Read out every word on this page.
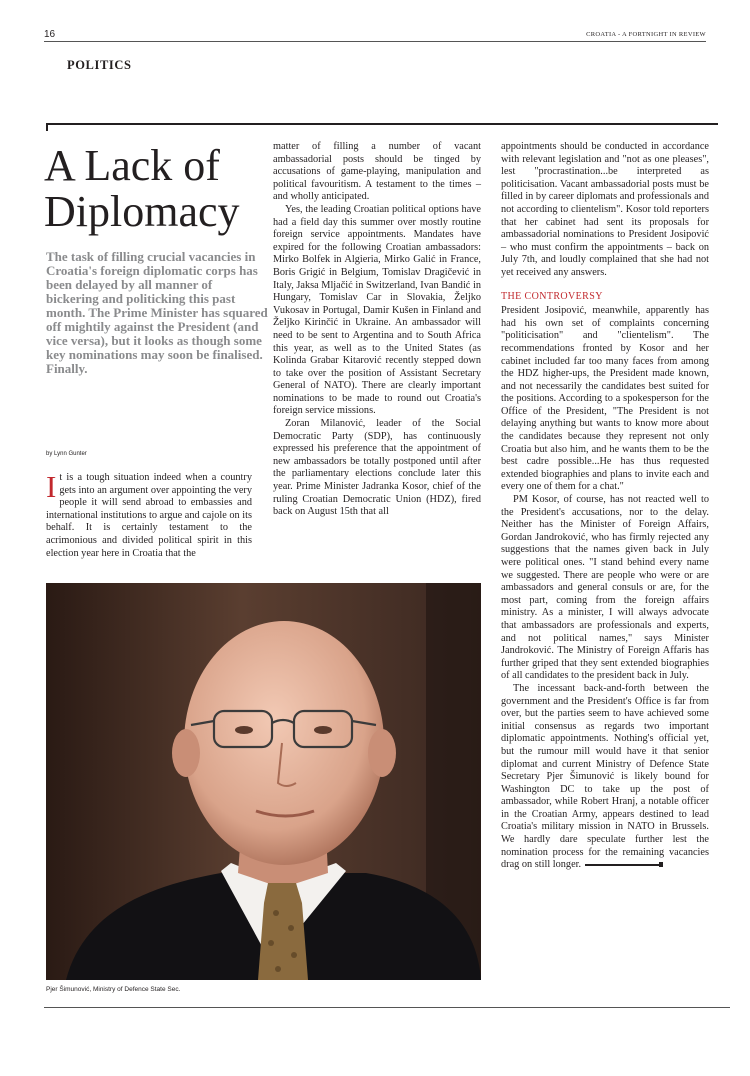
16	CROATIA - A FORTNIGHT IN REVIEW
POLITICS
A Lack of Diplomacy
The task of filling crucial vacancies in Croatia's foreign diplomatic corps has been delayed by all manner of bickering and politicking this past month. The Prime Minister has squared off mightily against the President (and vice versa), but it looks as though some key nominations may soon be finalised. Finally.
by Lynn Gunter

It is a tough situation indeed when a country gets into an argument over appointing the very people it will send abroad to embassies and international institutions to argue and cajole on its behalf. It is certainly testament to the acrimonious and divided political spirit in this election year here in Croatia that the

matter of filling a number of vacant ambassadorial posts should be tinged by accusations of game-playing, manipulation and political favouritism. A testament to the times – and wholly anticipated.

Yes, the leading Croatian political options have had a field day this summer over mostly routine foreign service appointments. Mandates have expired for the following Croatian ambassadors: Mirko Bolfek in Algieria, Mirko Galić in France, Boris Grigić in Belgium, Tomislav Dragičević in Italy, Jaksa Mljačić in Switzerland, Ivan Bandić in Hungary, Tomislav Car in Slovakia, Željko Vukosav in Portugal, Damir Kušen in Finland and Željko Kirinčić in Ukraine. An ambassador will need to be sent to Argentina and to South Africa this year, as well as to the United States (as Kolinda Grabar Kitarović recently stepped down to take over the position of Assistant Secretary General of NATO). There are clearly important nominations to be made to round out Croatia's foreign service missions.

Zoran Milanović, leader of the Social Democratic Party (SDP), has continuously expressed his preference that the appointment of new ambassadors be totally postponed until after the parliamentary elections conclude later this year. Prime Minister Jadranka Kosor, chief of the ruling Croatian Democratic Union (HDZ), fired back on August 15th that all

appointments should be conducted in accordance with relevant legislation and "not as one pleases", lest "procrastination...be interpreted as politicisation. Vacant ambassadorial posts must be filled in by career diplomats and professionals and not according to clientelism". Kosor told reporters that her cabinet had sent its proposals for ambassadorial nominations to President Josipović – who must confirm the appointments – back on July 7th, and loudly complained that she had not yet received any answers.

THE CONTROVERSY

President Josipović, meanwhile, apparently has had his own set of complaints concerning "politicisation" and "clientelism". The recommendations fronted by Kosor and her cabinet included far too many faces from among the HDZ higher-ups, the President made known, and not necessarily the candidates best suited for the positions. According to a spokesperson for the Office of the President, "The President is not delaying anything but wants to know more about the candidates because they represent not only Croatia but also him, and he wants them to be the best cadre possible...He has thus requested extended biographies and plans to invite each and every one of them for a chat."

PM Kosor, of course, has not reacted well to the President's accusations, nor to the delay. Neither has the Minister of Foreign Affairs, Gordan Jandroković, who has firmly rejected any suggestions that the names given back in July were political ones. "I stand behind every name we suggested. There are people who were or are ambassadors and general consuls or are, for the most part, coming from the foreign affairs ministry. As a minister, I will always advocate that ambassadors are professionals and experts, and not political names," says Minister Jandroković. The Ministry of Foreign Affaris has further griped that they sent extended biographies of all candidates to the president back in July.

The incessant back-and-forth between the government and the President's Office is far from over, but the parties seem to have achieved some initial consensus as regards two important diplomatic appointments. Nothing's official yet, but the rumour mill would have it that senior diplomat and current Ministry of Defence State Secretary Pjer Šimunović is likely bound for Washington DC to take up the post of ambassador, while Robert Hranj, a notable officer in the Croatian Army, appears destined to lead Croatia's military mission in NATO in Brussels. We hardly dare speculate further lest the nomination process for the remaining vacancies drag on still longer.

Pjer Šimunović, Ministry of Defence State Sec.
